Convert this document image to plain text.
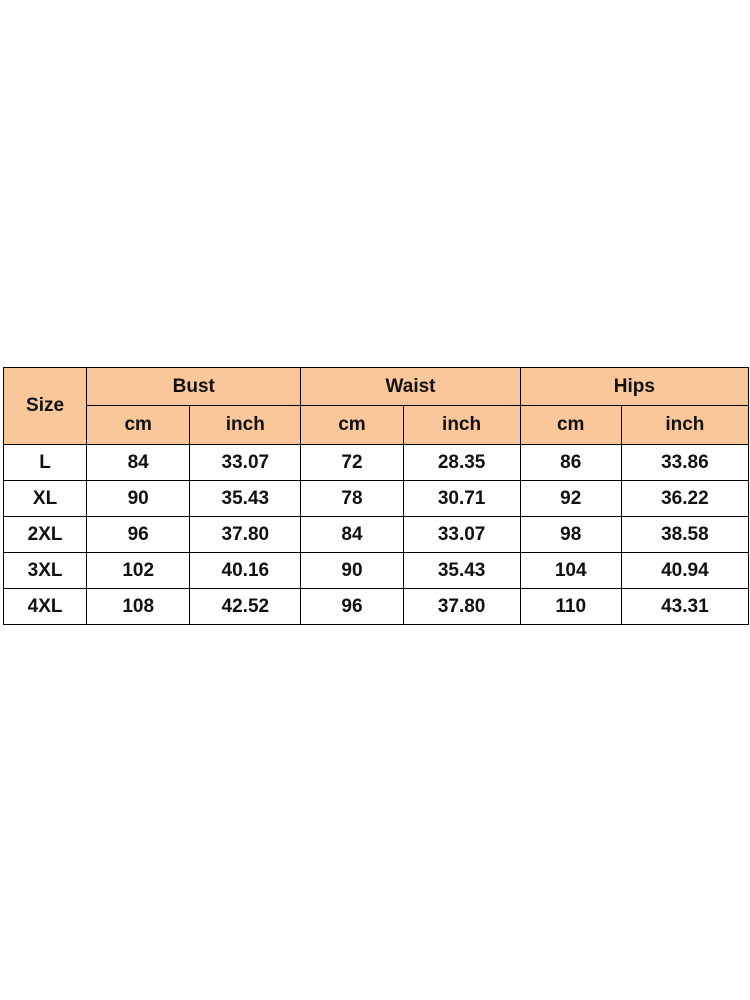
Size	Bust		Waist		Hips	
	cm	inch	cm	inch	cm	inch
L	84	33.07	72	28.35	86	33.86
XL	90	35.43	78	30.71	92	36.22
2XL	96	37.80	84	33.07	98	38.58
3XL	102	40.16	90	35.43	104	40.94
4XL	108	42.52	96	37.80	110	43.31
